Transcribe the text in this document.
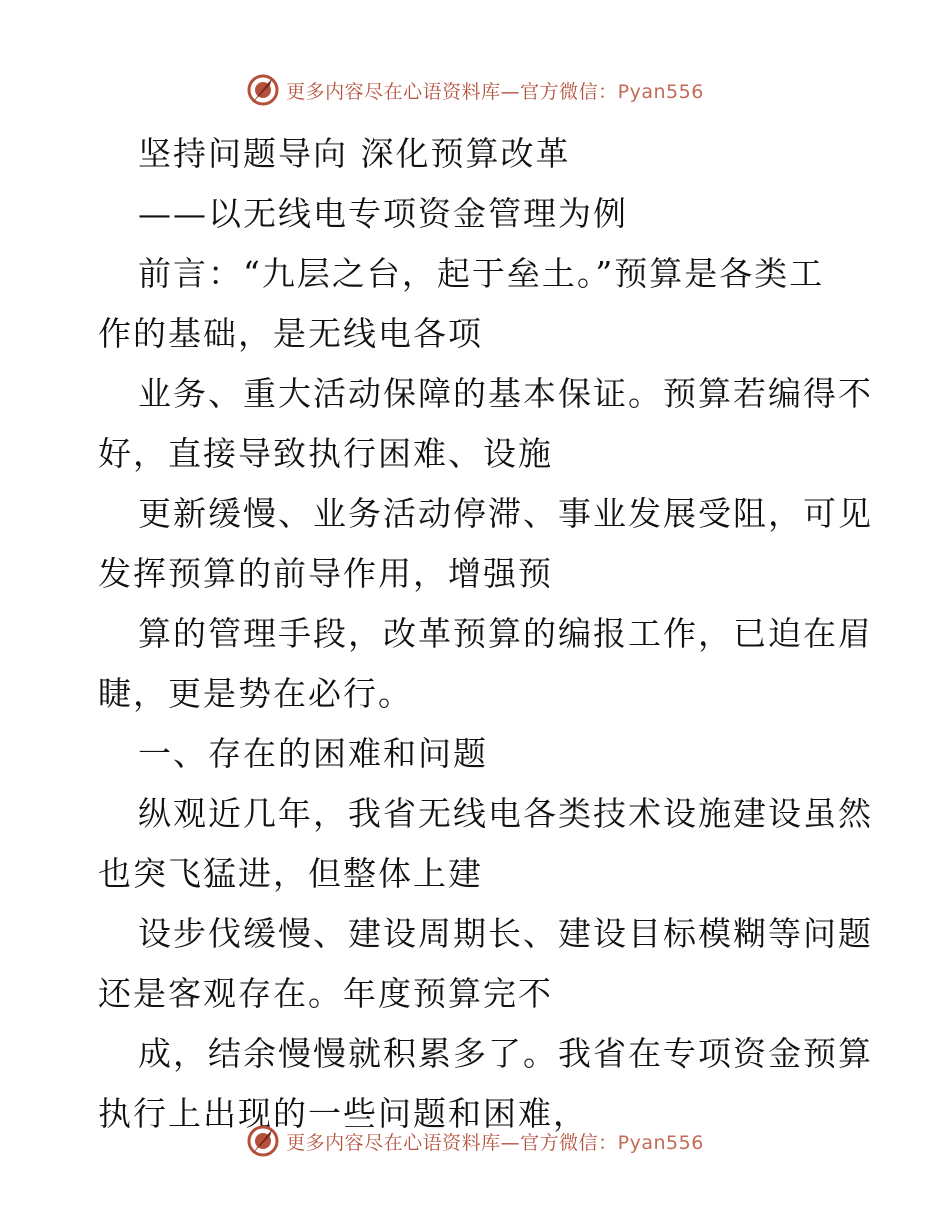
更多内容尽在心语资料库—官方微信：Pyan556

坚持问题导向 深化预算改革
——以无线电专项资金管理为例
前言：“九层之台，起于垒土。”预算是各类工
作的基础，是无线电各项
业务、重大活动保障的基本保证。预算若编得不
好，直接导致执行困难、设施
更新缓慢、业务活动停滞、事业发展受阻，可见
发挥预算的前导作用，增强预
算的管理手段，改革预算的编报工作，已迫在眉
睫，更是势在必行。
一、存在的困难和问题
纵观近几年，我省无线电各类技术设施建设虽然
也突飞猛进，但整体上建
设步伐缓慢、建设周期长、建设目标模糊等问题
还是客观存在。年度预算完不
成，结余慢慢就积累多了。我省在专项资金预算
执行上出现的一些问题和困难，

更多内容尽在心语资料库—官方微信：Pyan556
